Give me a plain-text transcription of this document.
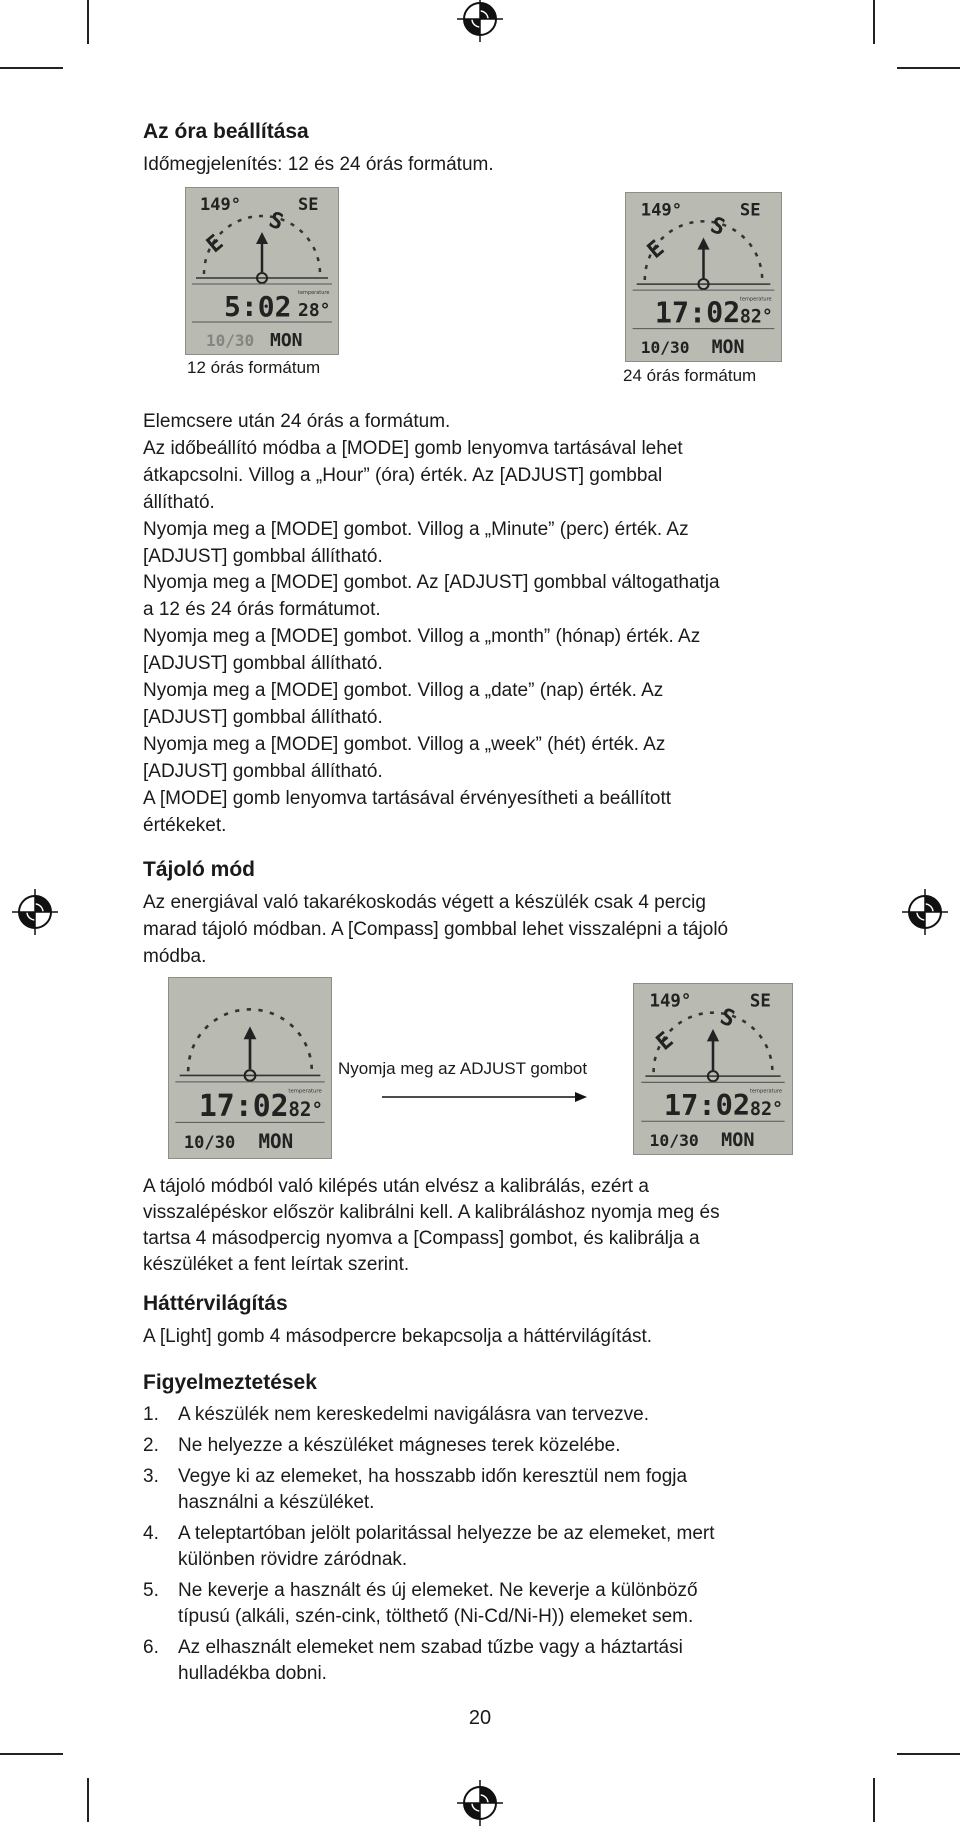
Az óra beállítása
Időmegjelenítés: 12 és 24 órás formátum.
149°	SE
E
S
5:02 temperature
28°
10/30 MON
12 órás formátum
149°	SE
E
S
17:02 temperature
82°
10/30 MON
24 órás formátum
Elemcsere után 24 órás a formátum.
Az időbeállító módba a [MODE] gomb lenyomva tartásával lehet
átkapcsolni. Villog a „Hour” (óra) érték. Az [ADJUST] gombbal
állítható.
Nyomja meg a [MODE] gombot. Villog a „Minute” (perc) érték. Az
[ADJUST] gombbal állítható.
Nyomja meg a [MODE] gombot. Az [ADJUST] gombbal váltogathatja
a 12 és 24 órás formátumot.
Nyomja meg a [MODE] gombot. Villog a „month” (hónap) érték. Az
[ADJUST] gombbal állítható.
Nyomja meg a [MODE] gombot. Villog a „date” (nap) érték. Az
[ADJUST] gombbal állítható.
Nyomja meg a [MODE] gombot. Villog a „week” (hét) érték. Az
[ADJUST] gombbal állítható.
A [MODE] gomb lenyomva tartásával érvényesítheti a beállított
értékeket.
Tájoló mód
Az energiával való takarékoskodás végett a készülék csak 4 percig
marad tájoló módban. A [Compass] gombbal lehet visszalépni a tájoló
módba.
17:02 temperature
82°
10/30 MON
Nyomja meg az ADJUST gombot
149°	SE
E
S
17:02 temperature
82°
10/30 MON
A tájoló módból való kilépés után elvész a kalibrálás, ezért a
visszalépéskor először kalibrálni kell. A kalibráláshoz nyomja meg és
tartsa 4 másodpercig nyomva a [Compass] gombot, és kalibrálja a
készüléket a fent leírtak szerint.
Háttérvilágítás
A [Light] gomb 4 másodpercre bekapcsolja a háttérvilágítást.
Figyelmeztetések
1. A készülék nem kereskedelmi navigálásra van tervezve.
2. Ne helyezze a készüléket mágneses terek közelébe.
3. Vegye ki az elemeket, ha hosszabb időn keresztül nem fogja
használni a készüléket.
4. A teleptartóban jelölt polaritással helyezze be az elemeket, mert
különben rövidre záródnak.
5. Ne keverje a használt és új elemeket. Ne keverje a különböző
típusú (alkáli, szén-cink, tölthető (Ni-Cd/Ni-H)) elemeket sem.
6. Az elhasznált elemeket nem szabad tűzbe vagy a háztartási
hulladékba dobni.
20
